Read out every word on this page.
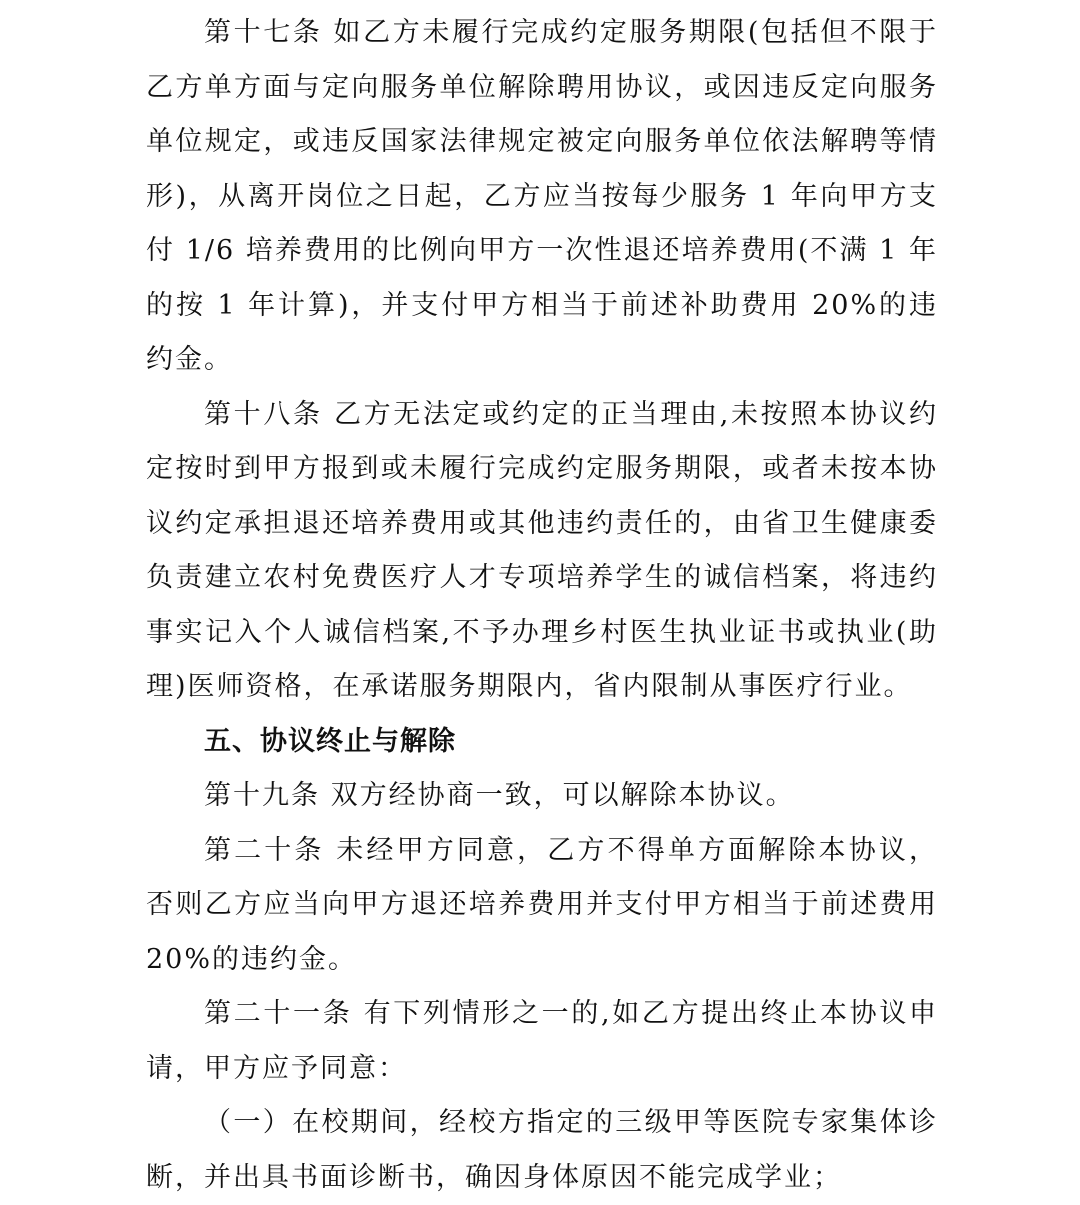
第十七条 如乙方未履行完成约定服务期限(包括但不限于乙方单方面与定向服务单位解除聘用协议，或因违反定向服务单位规定，或违反国家法律规定被定向服务单位依法解聘等情形)，从离开岗位之日起，乙方应当按每少服务 1 年向甲方支付 1/6 培养费用的比例向甲方一次性退还培养费用(不满 1 年的按 1 年计算)，并支付甲方相当于前述补助费用 20%的违约金。

第十八条 乙方无法定或约定的正当理由,未按照本协议约定按时到甲方报到或未履行完成约定服务期限，或者未按本协议约定承担退还培养费用或其他违约责任的，由省卫生健康委负责建立农村免费医疗人才专项培养学生的诚信档案，将违约事实记入个人诚信档案,不予办理乡村医生执业证书或执业(助理)医师资格，在承诺服务期限内，省内限制从事医疗行业。

五、协议终止与解除

第十九条 双方经协商一致，可以解除本协议。

第二十条 未经甲方同意，乙方不得单方面解除本协议，否则乙方应当向甲方退还培养费用并支付甲方相当于前述费用 20%的违约金。

第二十一条 有下列情形之一的,如乙方提出终止本协议申请，甲方应予同意：

（一）在校期间，经校方指定的三级甲等医院专家集体诊断，并出具书面诊断书，确因身体原因不能完成学业；
